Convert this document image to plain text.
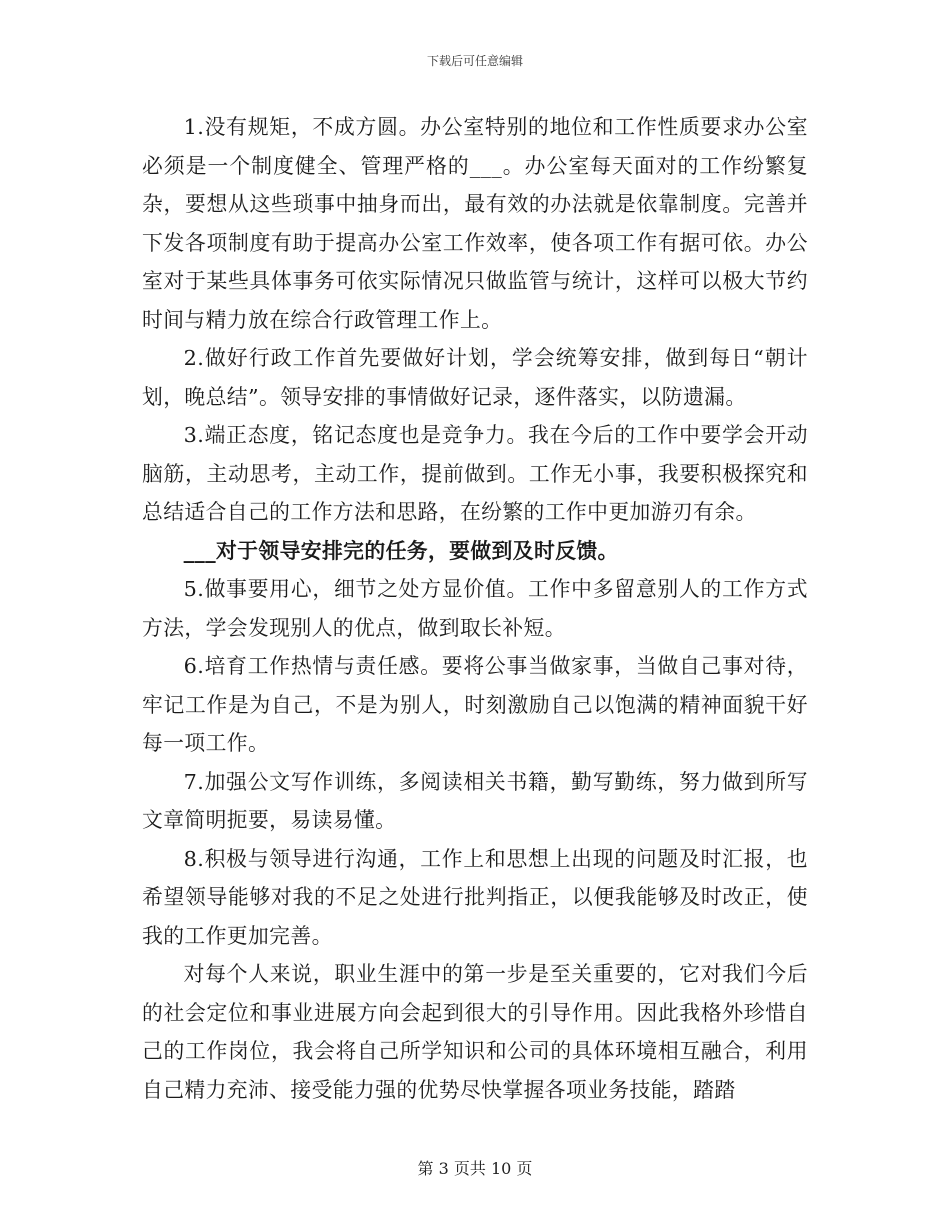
下载后可任意编辑

1.没有规矩，不成方圆。办公室特别的地位和工作性质要求办公室必须是一个制度健全、管理严格的___。办公室每天面对的工作纷繁复杂，要想从这些琐事中抽身而出，最有效的办法就是依靠制度。完善并下发各项制度有助于提高办公室工作效率，使各项工作有据可依。办公室对于某些具体事务可依实际情况只做监管与统计，这样可以极大节约时间与精力放在综合行政管理工作上。

2.做好行政工作首先要做好计划，学会统筹安排，做到每日“朝计划，晚总结”。领导安排的事情做好记录，逐件落实，以防遗漏。

3.端正态度，铭记态度也是竞争力。我在今后的工作中要学会开动脑筋，主动思考，主动工作，提前做到。工作无小事，我要积极探究和总结适合自己的工作方法和思路，在纷繁的工作中更加游刃有余。

___对于领导安排完的任务，要做到及时反馈。

5.做事要用心，细节之处方显价值。工作中多留意别人的工作方式方法，学会发现别人的优点，做到取长补短。

6.培育工作热情与责任感。要将公事当做家事，当做自己事对待，牢记工作是为自己，不是为别人，时刻激励自己以饱满的精神面貌干好每一项工作。

7.加强公文写作训练，多阅读相关书籍，勤写勤练，努力做到所写文章简明扼要，易读易懂。

8.积极与领导进行沟通，工作上和思想上出现的问题及时汇报，也希望领导能够对我的不足之处进行批判指正，以便我能够及时改正，使我的工作更加完善。

对每个人来说，职业生涯中的第一步是至关重要的，它对我们今后的社会定位和事业进展方向会起到很大的引导作用。因此我格外珍惜自己的工作岗位，我会将自己所学知识和公司的具体环境相互融合，利用自己精力充沛、接受能力强的优势尽快掌握各项业务技能，踏踏

第 3 页共 10 页
